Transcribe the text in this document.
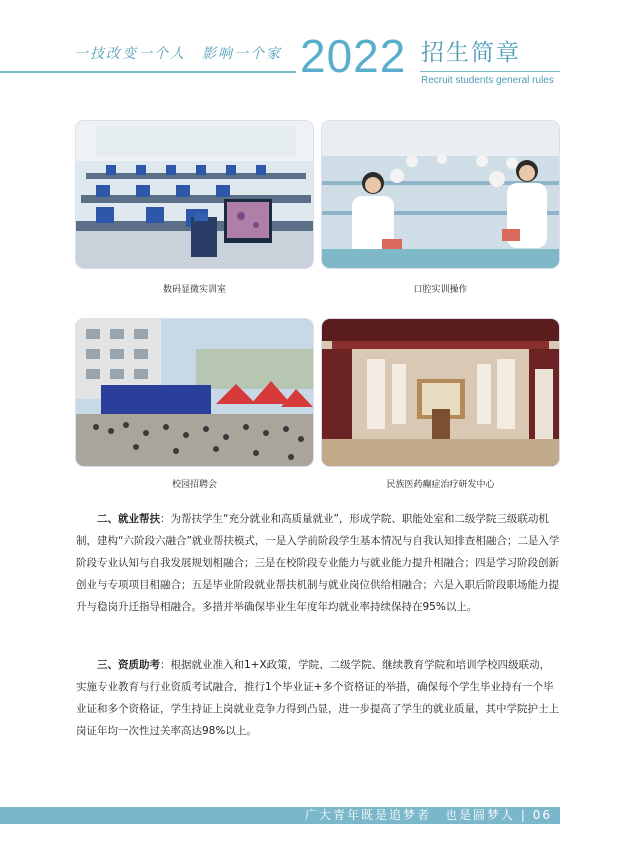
一技改变一个人　影响一个家 2022 招生简章
Recruit students general rules
数码显微实训室	口腔实训操作
校园招聘会	民族医药癫症治疗研发中心

二、就业帮扶：为帮扶学生“充分就业和高质量就业”，形成学院、职能处室和二级学院三级联动机制，建构“六阶段六融合”就业帮扶模式，一是入学前阶段学生基本情况与自我认知排查相融合；二是入学阶段专业认知与自我发展规划相融合；三是在校阶段专业能力与就业能力提升相融合；四是学习阶段创新创业与专项项目相融合；五是毕业阶段就业帮扶机制与就业岗位供给相融合；六是入职后阶段职场能力提升与稳岗升迁指导相融合。多措并举确保毕业生年度年均就业率持续保持在95%以上。

三、资质助考：根据就业准入和1+X政策，学院、二级学院、继续教育学院和培训学校四级联动，实施专业教育与行业资质考试融合，推行1个毕业证+多个资格证的举措，确保每个学生毕业持有一个毕业证和多个资格证，学生持证上岗就业竞争力得到凸显，进一步提高了学生的就业质量，其中学院护士上岗证年均一次性过关率高达98%以上。

广大青年既是追梦者　也是圆梦人 | 06
